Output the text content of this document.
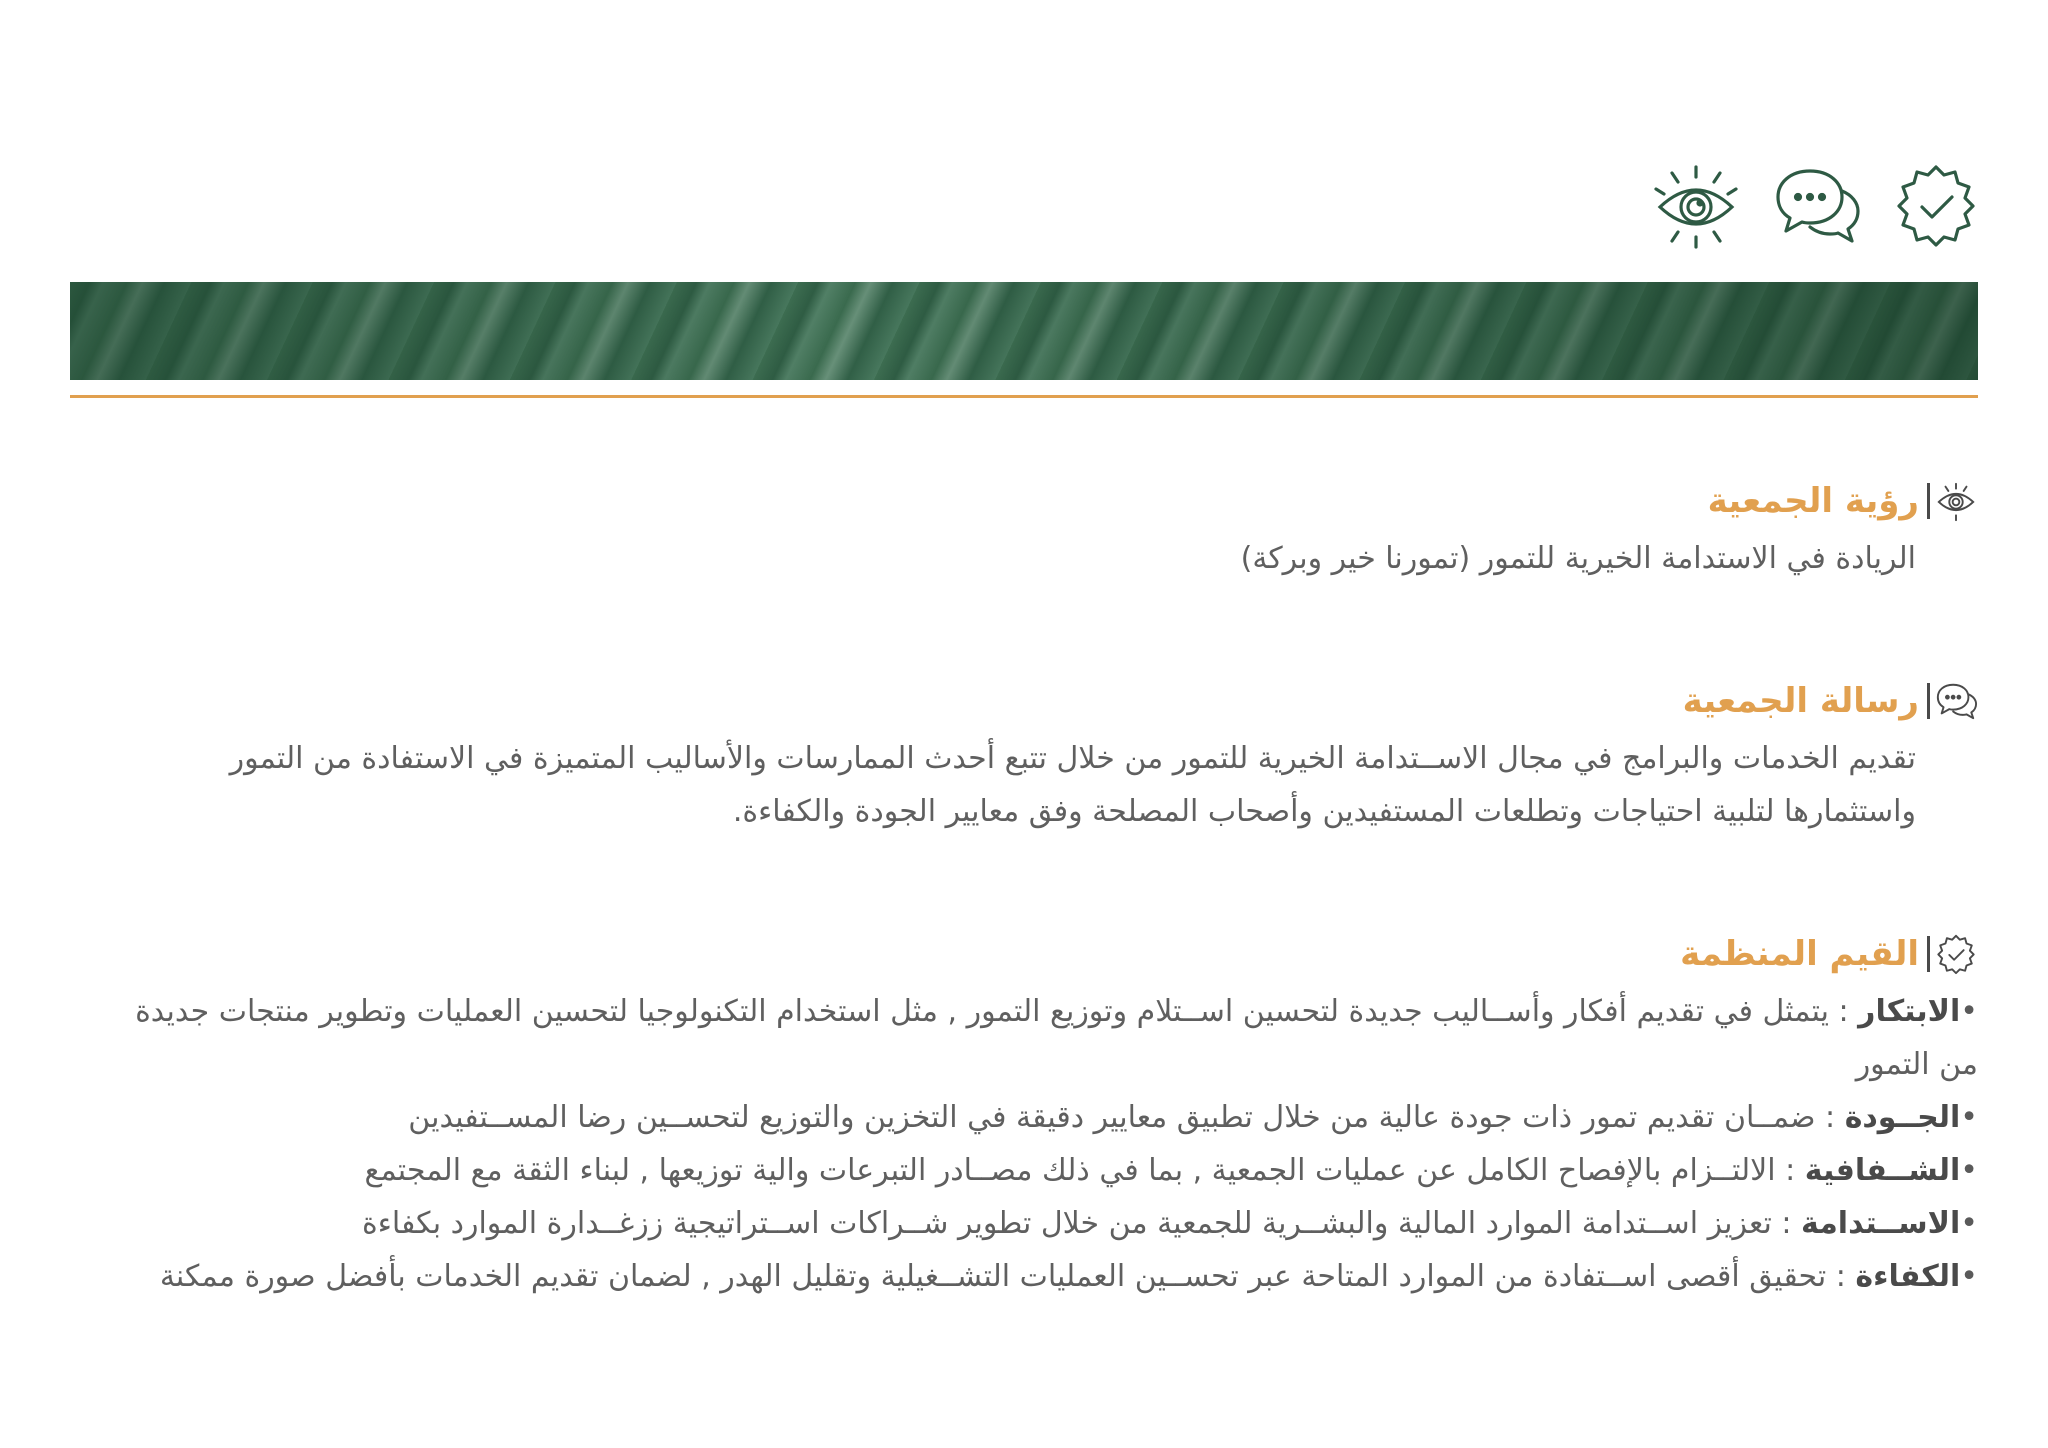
رؤية الجمعية
الريادة في الاستدامة الخيرية للتمور (تمورنا خير وبركة)
رسالة الجمعية
تقديم الخدمات والبرامج في مجال الاســتدامة الخيرية للتمور من خلال تتبع أحدث الممارسات والأساليب المتميزة في الاستفادة من التمور واستثمارها لتلبية احتياجات وتطلعات المستفيدين وأصحاب المصلحة وفق معايير الجودة والكفاءة.
القيم المنظمة
•الابتكار : يتمثل في تقديم أفكار وأســاليب جديدة لتحسين اســتلام وتوزيع التمور , مثل استخدام التكنولوجيا لتحسين العمليات وتطوير منتجات جديدة من التمور
•الجــودة : ضمــان تقديم تمور ذات جودة عالية من خلال تطبيق معايير دقيقة في التخزين والتوزيع لتحســين رضا المســتفيدين
•الشــفافية : الالتــزام بالإفصاح الكامل عن عمليات الجمعية , بما في ذلك مصــادر التبرعات والية توزيعها , لبناء الثقة مع المجتمع
•الاســتدامة : تعزيز اســتدامة الموارد المالية والبشــرية للجمعية من خلال تطوير شــراكات اســتراتيجية ززغــدارة الموارد بكفاءة
•الكفاءة : تحقيق أقصى اســتفادة من الموارد المتاحة عبر تحســين العمليات التشــغيلية وتقليل الهدر , لضمان تقديم الخدمات بأفضل صورة ممكنة
